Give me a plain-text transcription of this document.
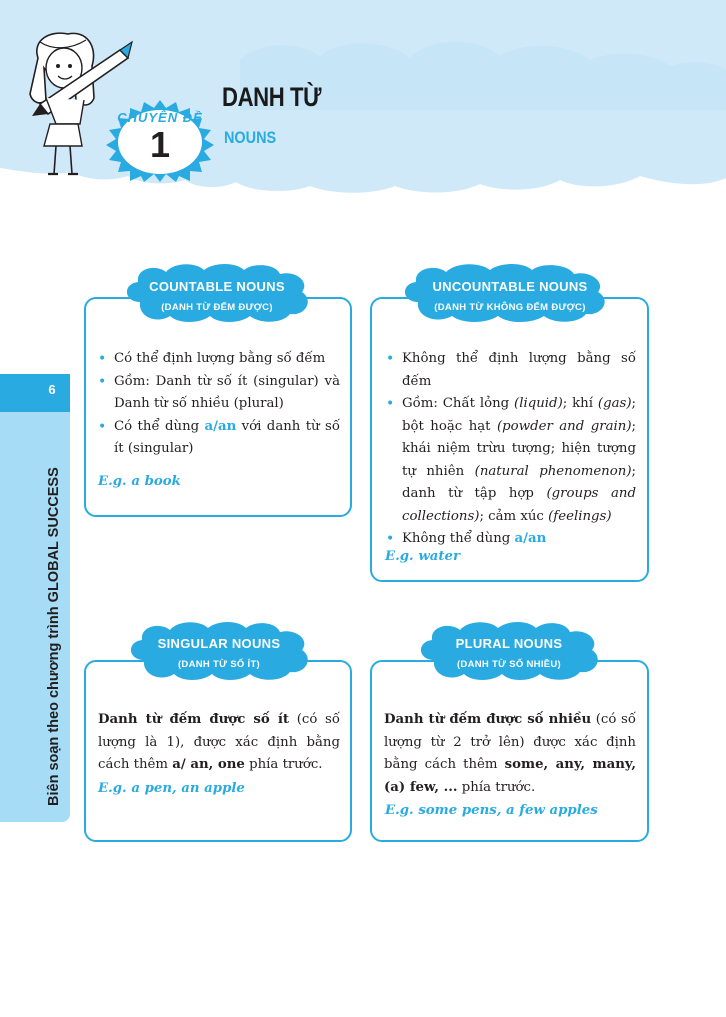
CHUYÊN ĐỀ
1
DANH TỪ
NOUNS
6
Biên soạn theo chương trình GLOBAL SUCCESS
COUNTABLE NOUNS
(DANH TỪ ĐẾM ĐƯỢC)
• Có thể định lượng bằng số đếm
• Gồm: Danh từ số ít (singular) và Danh từ số nhiều (plural)
• Có thể dùng a/an với danh từ số ít (singular)
E.g. a book
UNCOUNTABLE NOUNS
(DANH TỪ KHÔNG ĐẾM ĐƯỢC)
• Không thể định lượng bằng số đếm
• Gồm: Chất lỏng (liquid); khí (gas); bột hoặc hạt (powder and grain); khái niệm trừu tượng; hiện tượng tự nhiên (natural phenomenon); danh từ tập hợp (groups and collections); cảm xúc (feelings)
• Không thể dùng a/an
E.g. water
SINGULAR NOUNS
(DANH TỪ SỐ ÍT)
Danh từ đếm được số ít (có số lượng là 1), được xác định bằng cách thêm a/ an, one phía trước.
E.g. a pen, an apple
PLURAL NOUNS
(DANH TỪ SỐ NHIỀU)
Danh từ đếm được số nhiều (có số lượng từ 2 trở lên) được xác định bằng cách thêm some, any, many, (a) few, ... phía trước.
E.g. some pens, a few apples
